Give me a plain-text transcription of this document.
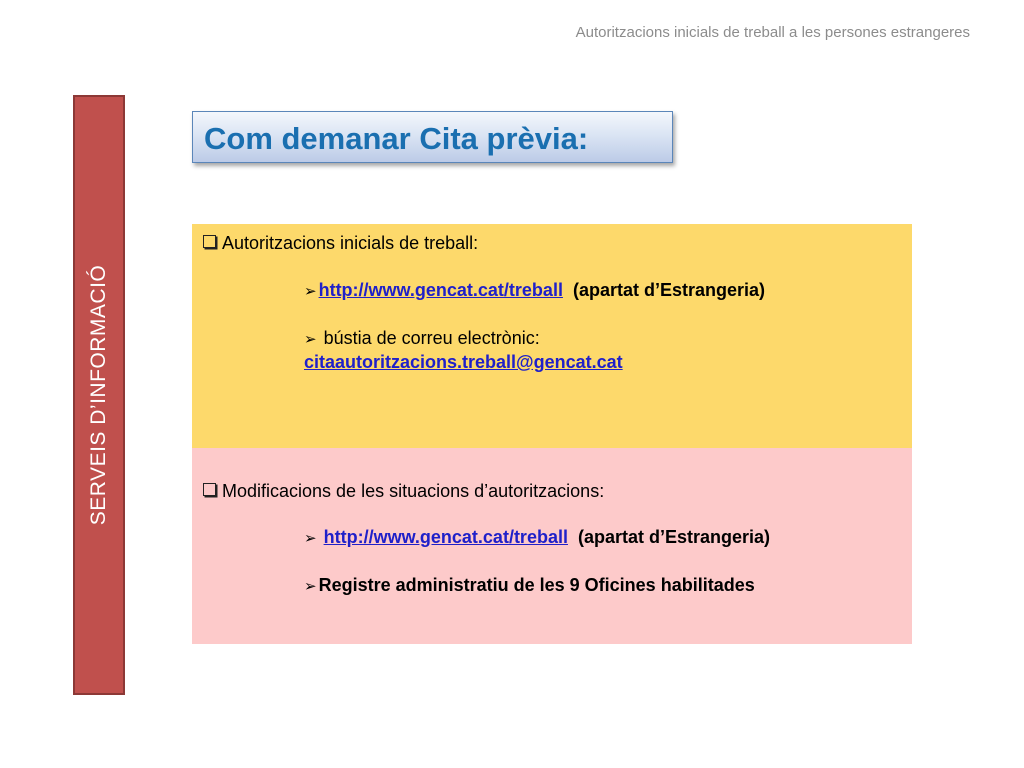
Autoritzacions inicials de treball a les persones estrangeres
SERVEIS D’INFORMACIÓ
Com demanar Cita prèvia:
Autoritzacions inicials de treball:
➢ http://www.gencat.cat/treball (apartat d’Estrangeria)
➢ bústia de correu electrònic:
citaautoritzacions.treball@gencat.cat
Modificacions de les situacions d’autoritzacions:
➢ http://www.gencat.cat/treball (apartat d’Estrangeria)
➢ Registre administratiu de les 9 Oficines habilitades
